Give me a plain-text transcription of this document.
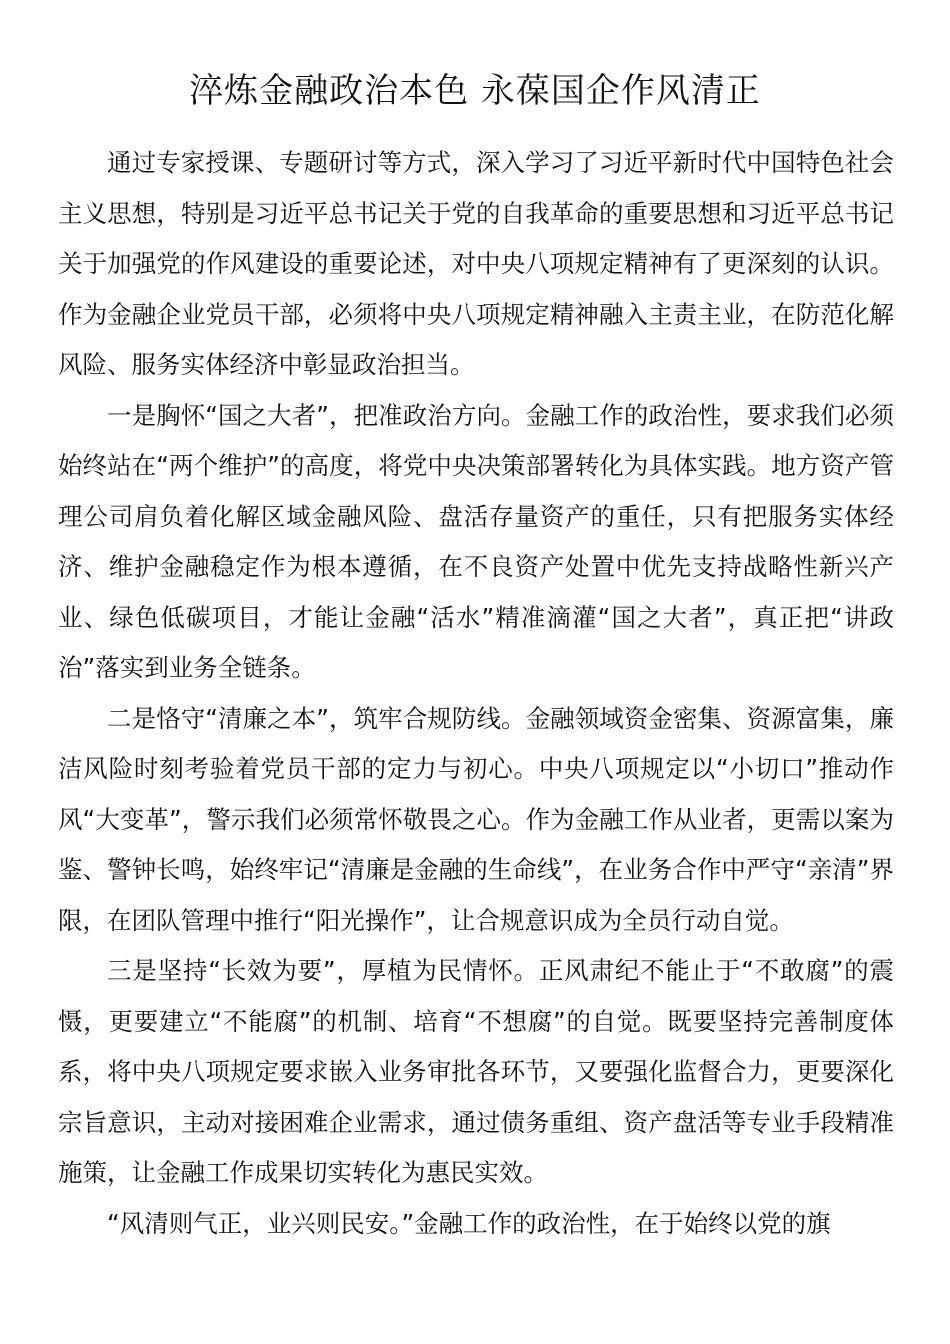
淬炼金融政治本色 永葆国企作风清正

通过专家授课、专题研讨等方式，深入学习了习近平新时代中国特色社会主义思想，特别是习近平总书记关于党的自我革命的重要思想和习近平总书记关于加强党的作风建设的重要论述，对中央八项规定精神有了更深刻的认识。作为金融企业党员干部，必须将中央八项规定精神融入主责主业，在防范化解风险、服务实体经济中彰显政治担当。

一是胸怀“国之大者”，把准政治方向。金融工作的政治性，要求我们必须始终站在“两个维护”的高度，将党中央决策部署转化为具体实践。地方资产管理公司肩负着化解区域金融风险、盘活存量资产的重任，只有把服务实体经济、维护金融稳定作为根本遵循，在不良资产处置中优先支持战略性新兴产业、绿色低碳项目，才能让金融“活水”精准滴灌“国之大者”，真正把“讲政治”落实到业务全链条。

二是恪守“清廉之本”，筑牢合规防线。金融领域资金密集、资源富集，廉洁风险时刻考验着党员干部的定力与初心。中央八项规定以“小切口”推动作风“大变革”，警示我们必须常怀敬畏之心。作为金融工作从业者，更需以案为鉴、警钟长鸣，始终牢记“清廉是金融的生命线”，在业务合作中严守“亲清”界限，在团队管理中推行“阳光操作”，让合规意识成为全员行动自觉。

三是坚持“长效为要”，厚植为民情怀。正风肃纪不能止于“不敢腐”的震慑，更要建立“不能腐”的机制、培育“不想腐”的自觉。既要坚持完善制度体系，将中央八项规定要求嵌入业务审批各环节，又要强化监督合力，更要深化宗旨意识，主动对接困难企业需求，通过债务重组、资产盘活等专业手段精准施策，让金融工作成果切实转化为惠民实效。

“风清则气正，业兴则民安。”金融工作的政治性，在于始终以党的旗
